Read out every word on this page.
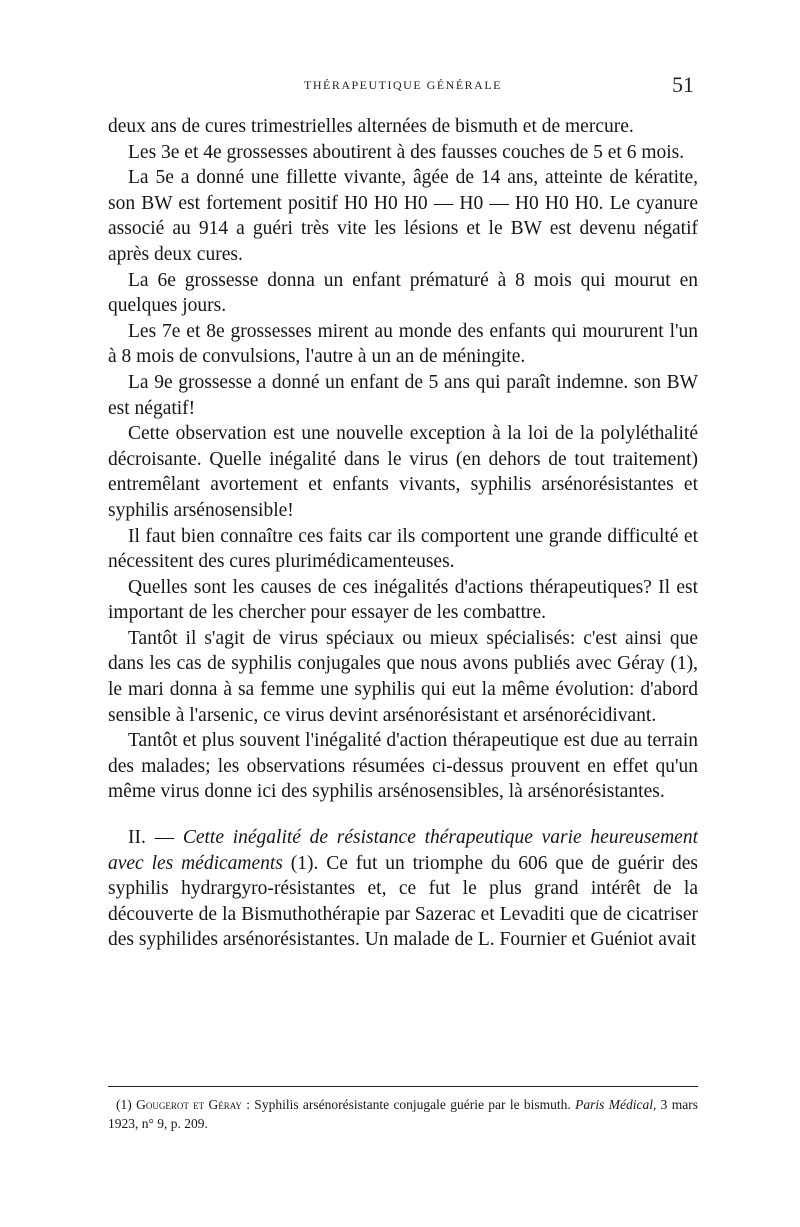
THÉRAPEUTIQUE GÉNÉRALE	51

deux ans de cures trimestrielles alternées de bismuth et de mercure.

Les 3e et 4e grossesses aboutirent à des fausses couches de 5 et 6 mois.

La 5e a donné une fillette vivante, âgée de 14 ans, atteinte de kératite, son BW est fortement positif H0 H0 H0 — H0 — H0 H0 H0. Le cyanure associé au 914 a guéri très vite les lésions et le BW est devenu négatif après deux cures.

La 6e grossesse donna un enfant prématuré à 8 mois qui mourut en quelques jours.

Les 7e et 8e grossesses mirent au monde des enfants qui moururent l'un à 8 mois de convulsions, l'autre à un an de méningite.

La 9e grossesse a donné un enfant de 5 ans qui paraît indemne. son BW est négatif!

Cette observation est une nouvelle exception à la loi de la polyléthalité décroisante. Quelle inégalité dans le virus (en dehors de tout traitement) entremêlant avortement et enfants vivants, syphilis arsénorésistantes et syphilis arsénosensible!

Il faut bien connaître ces faits car ils comportent une grande difficulté et nécessitent des cures plurimédicamenteuses.

Quelles sont les causes de ces inégalités d'actions thérapeutiques? Il est important de les chercher pour essayer de les combattre.

Tantôt il s'agit de virus spéciaux ou mieux spécialisés: c'est ainsi que dans les cas de syphilis conjugales que nous avons publiés avec Géray (1), le mari donna à sa femme une syphilis qui eut la même évolution: d'abord sensible à l'arsenic, ce virus devint arsénorésistant et arsénorécidivant.

Tantôt et plus souvent l'inégalité d'action thérapeutique est due au terrain des malades; les observations résumées ci-dessus prouvent en effet qu'un même virus donne ici des syphilis arsénosensibles, là arsénorésistantes.

II. — Cette inégalité de résistance thérapeutique varie heureusement avec les médicaments (1). Ce fut un triomphe du 606 que de guérir des syphilis hydrargyro-résistantes et, ce fut le plus grand intérêt de la découverte de la Bismuthothérapie par Sazerac et Levaditi que de cicatriser des syphilides arsénorésistantes. Un malade de L. Fournier et Guéniot avait

(1) Gougerot et Géray : Syphilis arsénorésistante conjugale guérie par le bismuth. Paris Médical, 3 mars 1923, n° 9, p. 209.
